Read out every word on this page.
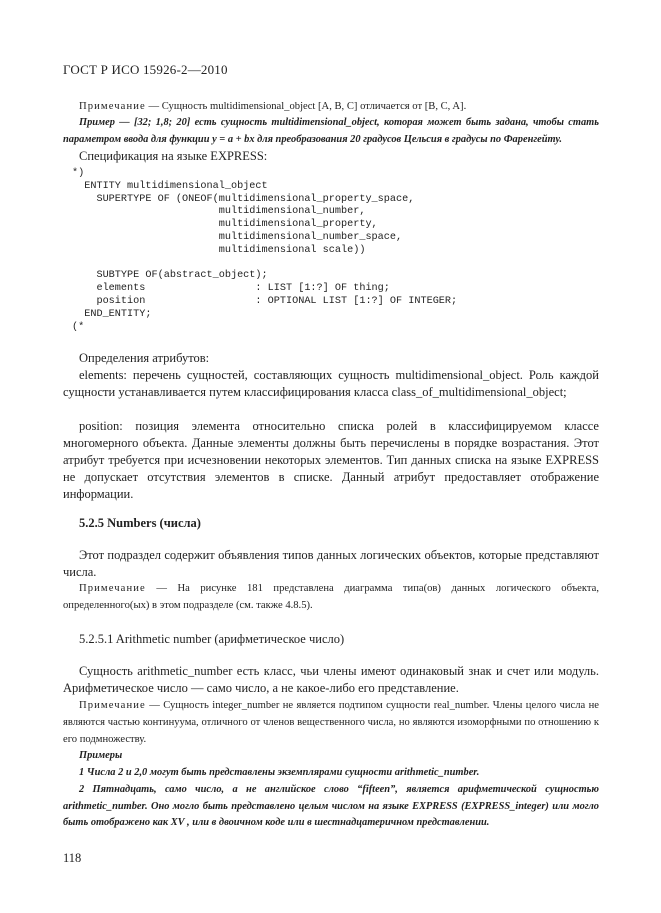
ГОСТ Р ИСО 15926-2—2010
Примечание — Сущность multidimensional_object [A, B, C] отличается от [B, C, A].
Пример — [32; 1,8; 20] есть сущность multidimensional_object, которая может быть задана, чтобы стать параметром ввода для функции y = a + bx для преобразования 20 градусов Цельсия в градусы по Фаренгейту.
Спецификация на языке EXPRESS:
*)
ENTITY multidimensional_object
SUPERTYPE OF (ONEOF(multidimensional_property_space,
multidimensional_number,
multidimensional_property,
multidimensional_number_space,
multidimensional scale))
SUBTYPE OF(abstract_object);
elements                  : LIST [1:?] OF thing;
position                  : OPTIONAL LIST [1:?] OF INTEGER;
END_ENTITY;
(*
Определения атрибутов:
elements: перечень сущностей, составляющих сущность multidimensional_object. Роль каждой сущности устанавливается путем классифицирования класса class_of_multidimensional_object;
position: позиция элемента относительно списка ролей в классифицируемом классе многомерного объекта. Данные элементы должны быть перечислены в порядке возрастания. Этот атрибут требуется при исчезновении некоторых элементов. Тип данных списка на языке EXPRESS не допускает отсутствия элементов в списке. Данный атрибут предоставляет отображение информации.
5.2.5 Numbers (числа)
Этот подраздел содержит объявления типов данных логических объектов, которые представляют числа.
Примечание — На рисунке 181 представлена диаграмма типа(ов) данных логического объекта, определенного(ых) в этом подразделе (см. также 4.8.5).
5.2.5.1 Arithmetic number (арифметическое число)
Сущность arithmetic_number есть класс, чьи члены имеют одинаковый знак и счет или модуль. Арифметическое число — само число, а не какое-либо его представление.
Примечание — Сущность integer_number не является подтипом сущности real_number. Члены целого числа не являются частью континуума, отличного от членов вещественного числа, но являются изоморфными по отношению к его подмножеству.
Примеры
1 Числа 2 и 2,0 могут быть представлены экземплярами сущности arithmetic_number.
2 Пятнадцать, само число, а не английское слово “fifteen”, является арифметической сущностью arithmetic_number. Оно могло быть представлено целым числом на языке EXPRESS (EXPRESS_integer) или могло быть отображено как XV , или в двоичном коде или в шестнадцатеричном представлении.
118
